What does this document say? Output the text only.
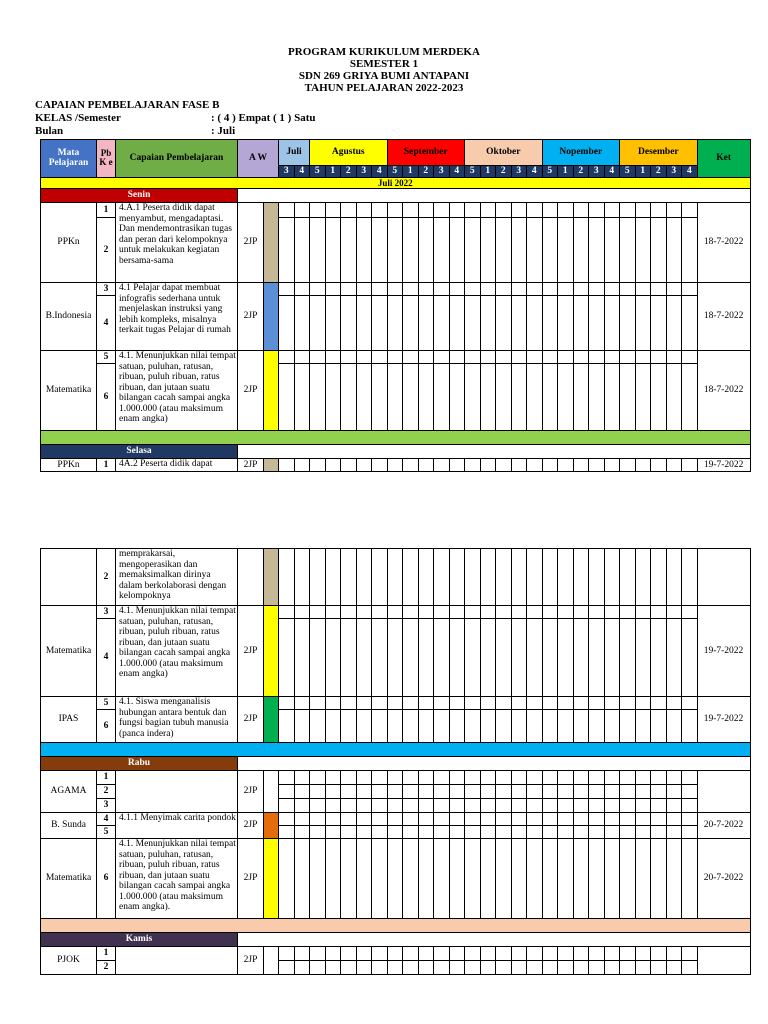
PROGRAM KURIKULUM MERDEKA
SEMESTER 1
SDN 269 GRIYA BUMI ANTAPANI
TAHUN PELAJARAN 2022-2023
CAPAIAN PEMBELAJARAN FASE B
KELAS /Semester	: ( 4 ) Empat ( 1 ) Satu
Bulan	: Juli
Mata Pelajaran	Pb K e	Capaian Pembelajaran	A W		Juli		Agustus					September					Oktober					Nopember					Desember					Ket	
					3	4	5	1	2	3	4	5	1	2	3	4	5	1	2	3	4	5	1	2	3	4	5	1	2	3	4	
Juli 2022																																	
Senin																																	
PPKn	1	4.A.1 Peserta didik dapat menyambut, mengadaptasi. Dan mendemontrasikan tugas dan peran dari kelompoknya untuk melakukan kegiatan bersama-sama	2JP																													18-7-2022	
	2																																
B.Indonesia	3	4.1 Pelajar dapat membuat infografis sederhana untuk menjelaskan instruksi yang lebih kompleks, misalnya terkait tugas Pelajar di rumah	2JP																													18-7-2022	
	4																																
Matematika	5	4.1. Menunjukkan nilai tempat satuan, puluhan, ratusan, ribuan, puluh ribuan, ratus ribuan, dan jutaan suatu bilangan cacah sampai angka 1.000.000 (atau maksimum enam angka)	2JP																													18-7-2022	
	6																																

Selasa																																	
PPKn	1	4A.2 Peserta didik dapat	2JP																													19-7-2022	
	2	memprakarsai, mengoperasikan dan memaksimalkan dirinya dalam berkolaborasi dengan kelompoknya																														
Matematika	3	4.1. Menunjukkan nilai tempat satuan, puluhan, ratusan, ribuan, puluh ribuan, ratus ribuan, dan jutaan suatu bilangan cacah sampai angka 1.000.000 (atau maksimum enam angka)	2JP																													19-7-2022
	4																															
IPAS	5	4.1. Siswa menganalisis hubungan antara bentuk dan fungsi bagian tubuh manusia (panca indera)	2JP																													19-7-2022
	6																															

Rabu																																
AGAMA	1		2JP																													
	2																															
	3																															
B. Sunda	4	4.1.1 Menyimak carita pondok	2JP																													20-7-2022
	5																															
Matematika	6	4.1. Menunjukkan nilai tempat satuan, puluhan, ratusan, ribuan, puluh ribuan, ratus ribuan, dan jutaan suatu bilangan cacah sampai angka 1.000.000 (atau maksimum enam angka).	2JP																													20-7-2022

Kamis																																
PJOK	1		2JP																													
	2																															
